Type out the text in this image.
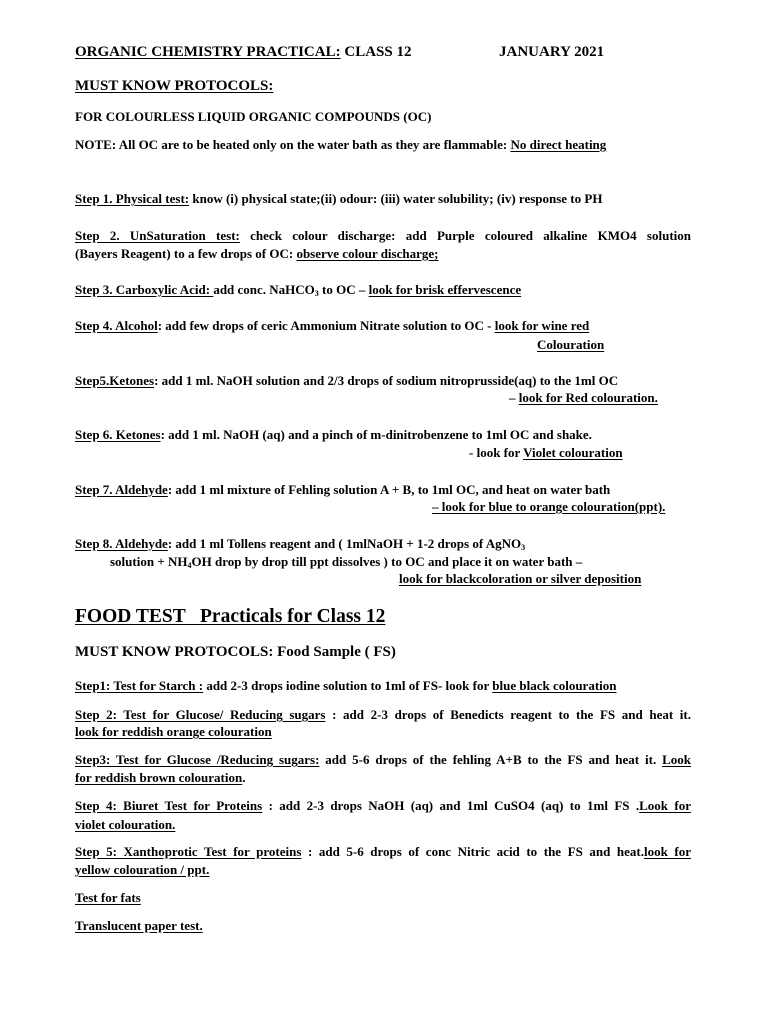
ORGANIC CHEMISTRY PRACTICAL: CLASS 12	JANUARY 2021
MUST KNOW PROTOCOLS:
FOR COLOURLESS LIQUID ORGANIC COMPOUNDS (OC)
NOTE: All OC are to be heated only on the water bath as they are flammable: No direct heating
Step 1. Physical test: know (i) physical state;(ii) odour: (iii) water solubility; (iv) response to PH
Step 2. UnSaturation test: check colour discharge: add Purple coloured alkaline KMO4 solution
(Bayers Reagent) to a few drops of OC: observe colour discharge;
Step 3. Carboxylic Acid: add conc. NaHCO$_3$ to OC – look for brisk effervescence
Step 4. Alcohol: add few drops of ceric Ammonium Nitrate solution to OC - look for wine red
Colouration
Step5.Ketones: add 1 ml. NaOH solution and 2/3 drops of sodium nitroprusside(aq) to the 1ml OC
– look for Red colouration.
Step 6. Ketones: add 1 ml. NaOH (aq) and a pinch of m-dinitrobenzene to 1ml OC and shake.
- look for Violet colouration
Step 7. Aldehyde: add 1 ml mixture of Fehling solution A + B, to 1ml OC, and heat on water bath
– look for blue to orange colouration(ppt).
Step 8. Aldehyde: add 1 ml Tollens reagent and ( 1mlNaOH + 1-2 drops of AgNO$_3$
solution + $NH_4OH$ drop by drop till ppt dissolves ) to OC and place it on water bath –
look for blackcoloration or silver deposition
FOOD TEST   Practicals for Class 12
MUST KNOW PROTOCOLS: Food Sample ( FS)
Step1: Test for Starch : add 2-3 drops iodine solution to 1ml of FS- look for blue black colouration
Step 2: Test for Glucose/ Reducing sugars : add 2-3 drops of Benedicts reagent to the FS and heat it.
look for reddish orange colouration
Step3: Test for Glucose /Reducing sugars: add 5-6 drops of the fehling A+B to the FS and heat it. Look
for reddish brown colouration.
Step 4: Biuret Test for Proteins : add 2-3 drops NaOH (aq) and 1ml CuSO4 (aq) to 1ml FS .Look for
violet colouration.
Step 5: Xanthoprotic Test for proteins : add 5-6 drops of conc Nitric acid to the FS and heat.look for
yellow colouration / ppt.
Test for fats
Translucent paper test.
